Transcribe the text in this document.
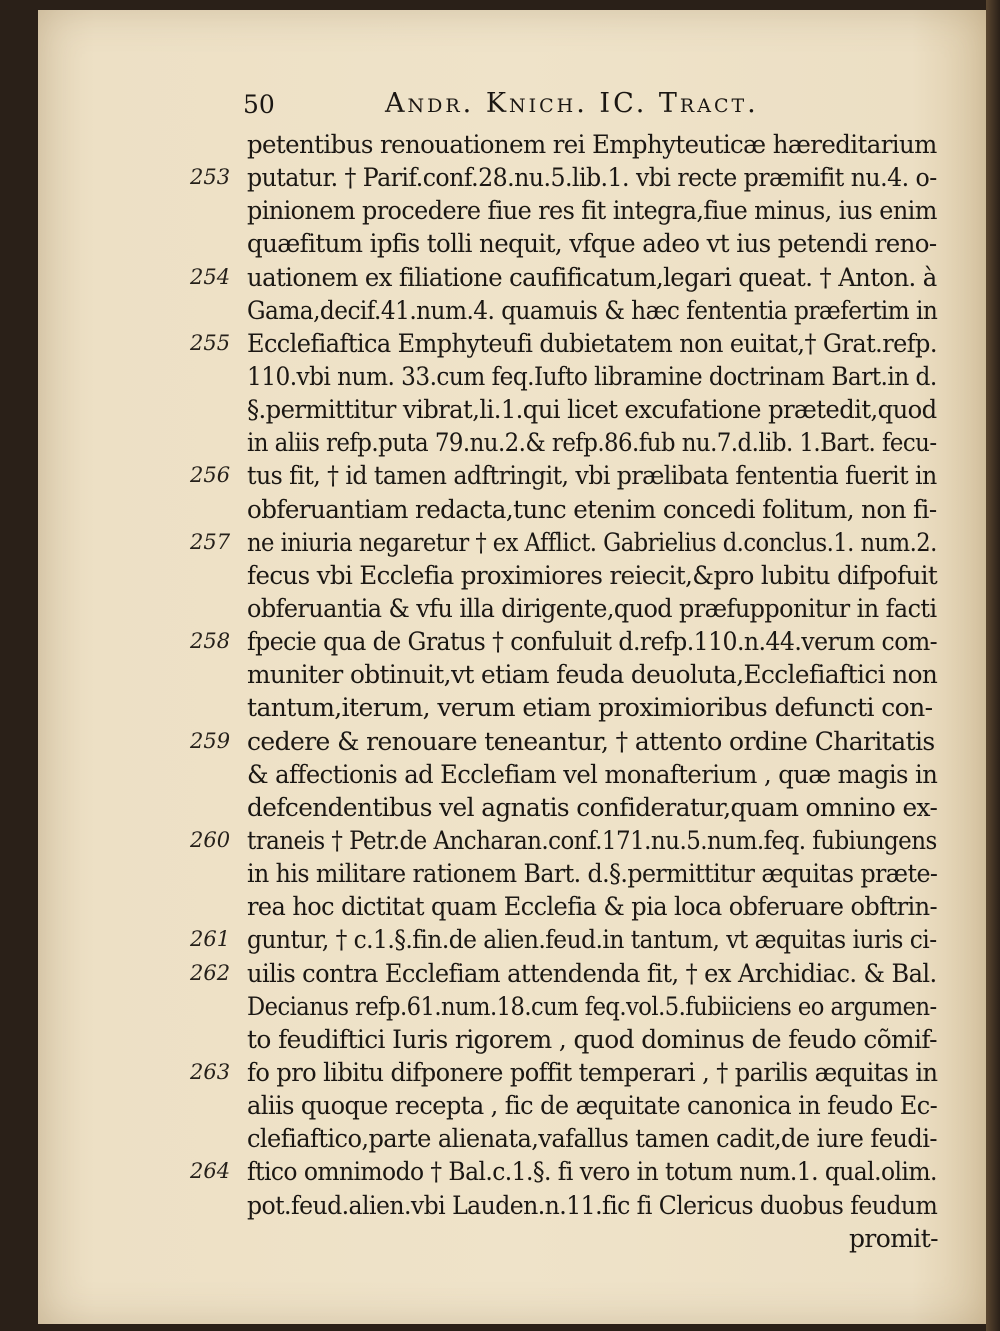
50	Andr. Knich. IC. Tract.
petentibus renouationem rei Emphyteuticæ hæreditarium
253 putatur. † Parif.conf.28.nu.5.lib.1. vbi recte præmifit nu.4. o-
pinionem procedere fiue res fit integra,fiue minus, ius enim
quæfitum ipfis tolli nequit, vfque adeo vt ius petendi reno-
254 uationem ex filiatione caufificatum,legari queat. † Anton. à
Gama,decif.41.num.4. quamuis & hæc fententia præfertim in
255 Ecclefiaftica Emphyteufi dubietatem non euitat,† Grat.refp.
110.vbi num. 33.cum feq.Iufto libramine doctrinam Bart.in d.
§.permittitur vibrat,li.1.qui licet excufatione prætedit,quod
in aliis refp.puta 79.nu.2.& refp.86.fub nu.7.d.lib. 1.Bart. fecu-
256 tus fit, † id tamen adftringit, vbi prælibata fententia fuerit in
obferuantiam redacta,tunc etenim concedi folitum, non fi-
257 ne iniuria negaretur † ex Afflict. Gabrielius d.conclus.1. num.2.
fecus vbi Ecclefia proximiores reiecit,&pro lubitu difpofuit
obferuantia & vfu illa dirigente,quod præfupponitur in facti
258 fpecie qua de Gratus † confuluit d.refp.110.n.44.verum com-
muniter obtinuit,vt etiam feuda deuoluta,Ecclefiaftici non
tantum,iterum, verum etiam proximioribus defuncti con-
259 cedere & renouare teneantur, † attento ordine Charitatis
& affectionis ad Ecclefiam vel monafterium , quæ magis in
defcendentibus vel agnatis confideratur,quam omnino ex-
260 traneis † Petr.de Ancharan.conf.171.nu.5.num.feq. fubiungens
in his militare rationem Bart. d.§.permittitur æquitas præte-
rea hoc dictitat quam Ecclefia & pia loca obferuare obftrin-
261 guntur, † c.1.§.fin.de alien.feud.in tantum, vt æquitas iuris ci-
262 uilis contra Ecclefiam attendenda fit, † ex Archidiac. & Bal.
Decianus refp.61.num.18.cum feq.vol.5.fubiiciens eo argumen-
to feudiftici Iuris rigorem , quod dominus de feudo cõmif-
263 fo pro libitu difponere poffit temperari , † parilis æquitas in
aliis quoque recepta , fic de æquitate canonica in feudo Ec-
clefiaftico,parte alienata,vafallus tamen cadit,de iure feudi-
264 ftico omnimodo † Bal.c.1.§. fi vero in totum num.1. qual.olim.
pot.feud.alien.vbi Lauden.n.11.fic fi Clericus duobus feudum
promit-
